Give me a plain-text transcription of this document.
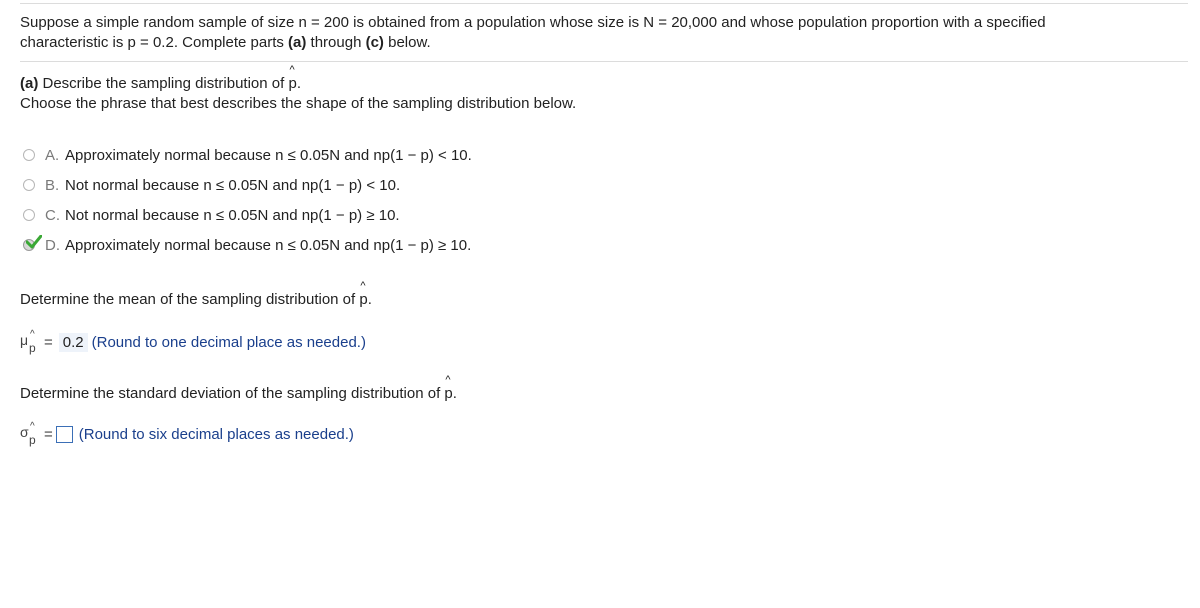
Suppose a simple random sample of size n = 200 is obtained from a population whose size is N = 20,000 and whose population proportion with a specified
characteristic is p = 0.2. Complete parts (a) through (c) below.
(a) Describe the sampling distribution of ^ p.
Choose the phrase that best describes the shape of the sampling distribution below.
A. Approximately normal because n ≤ 0.05N and np(1 − p) < 10.
B. Not normal because n ≤ 0.05N and np(1 − p) < 10.
C. Not normal because n ≤ 0.05N and np(1 − p) ≥ 10.
D. Approximately normal because n ≤ 0.05N and np(1 − p) ≥ 10.
Determine the mean of the sampling distribution of ^ p.
μ ^
p = 0.2 (Round to one decimal place as needed.)
Determine the standard deviation of the sampling distribution of ^ p.
σ ^
p = (Round to six decimal places as needed.)
